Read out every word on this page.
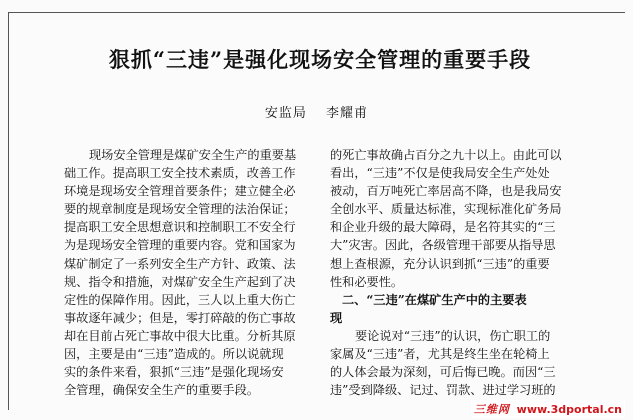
狠抓“三违”是强化现场安全管理的重要手段
安监局　 李耀甫
现场安全管理是煤矿安全生产的重要基
础工作。提高职工安全技术素质，改善工作
环境是现场安全管理首要条件；建立健全必
要的规章制度是现场安全管理的法治保证；
提高职工安全思想意识和控制职工不安全行
为是现场安全管理的重要内容。党和国家为
煤矿制定了一系列安全生产方针、政策、法
规、指令和措施，对煤矿安全生产起到了决
定性的保障作用。因此，三人以上重大伤亡
事故逐年减少；但是，零打碎敲的伤亡事故
却在目前占死亡事故中很大比重。分析其原
因，主要是由“三违”造成的。所以说就现
实的条件来看，狠抓“三违”是强化现场安
全管理，确保安全生产的重要手段。
的死亡事故确占百分之九十以上。由此可以
看出，“三违”不仅是使我局安全生产处处
被动，百万吨死亡率居高不降，也是我局安
全创水平、质量达标准，实现标准化矿务局
和企业升级的最大障碍，是名符其实的“三
大”灾害。因此，各级管理干部要从指导思
想上查根源，充分认识到抓“三违”的重要
性和必要性。
二、“三违”在煤矿生产中的主要表
现
要论说对“三违”的认识，伤亡职工的
家属及“三违”者，尤其是终生坐在轮椅上
的人体会最为深刻，可后悔已晚。而因“三
违”受到降级、记过、罚款、进过学习班的
三维网 www.3dportal.cn
